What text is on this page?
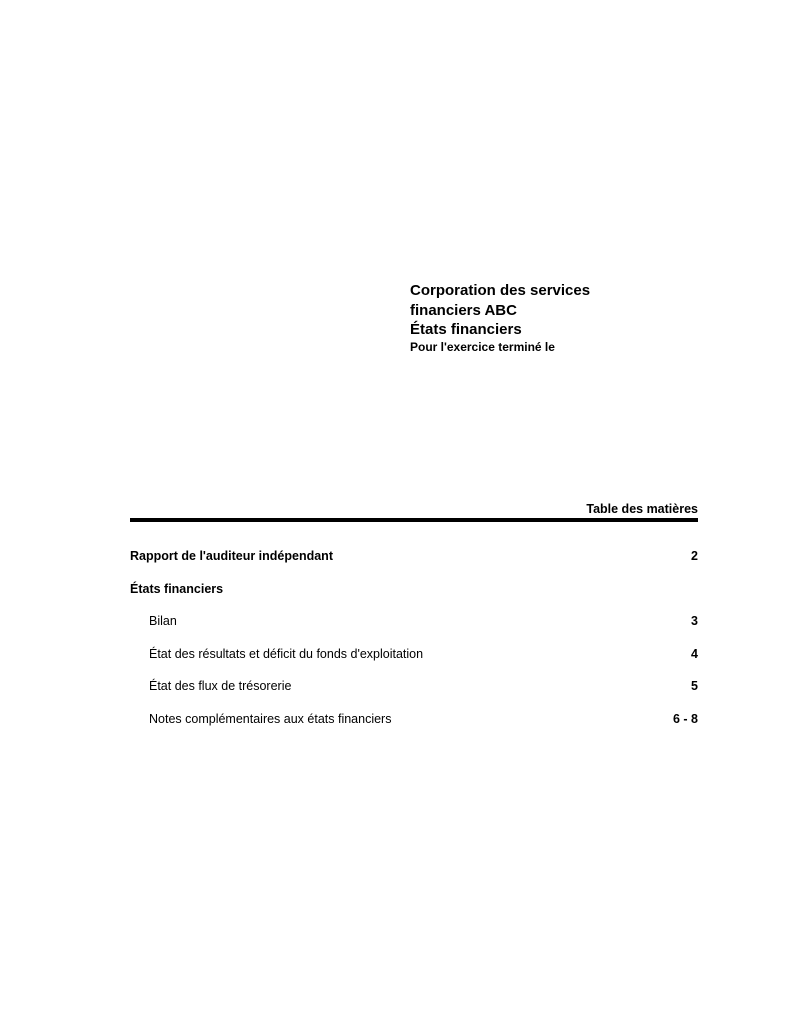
Corporation des services

financiers ABC

États financiers

Pour l'exercice terminé le

Table des matières
Rapport de l'auditeur indépendant	2
États financiers
Bilan	3
État des résultats et déficit du fonds d'exploitation	4
État des flux de trésorerie	5
Notes complémentaires aux états financiers	6 - 8
